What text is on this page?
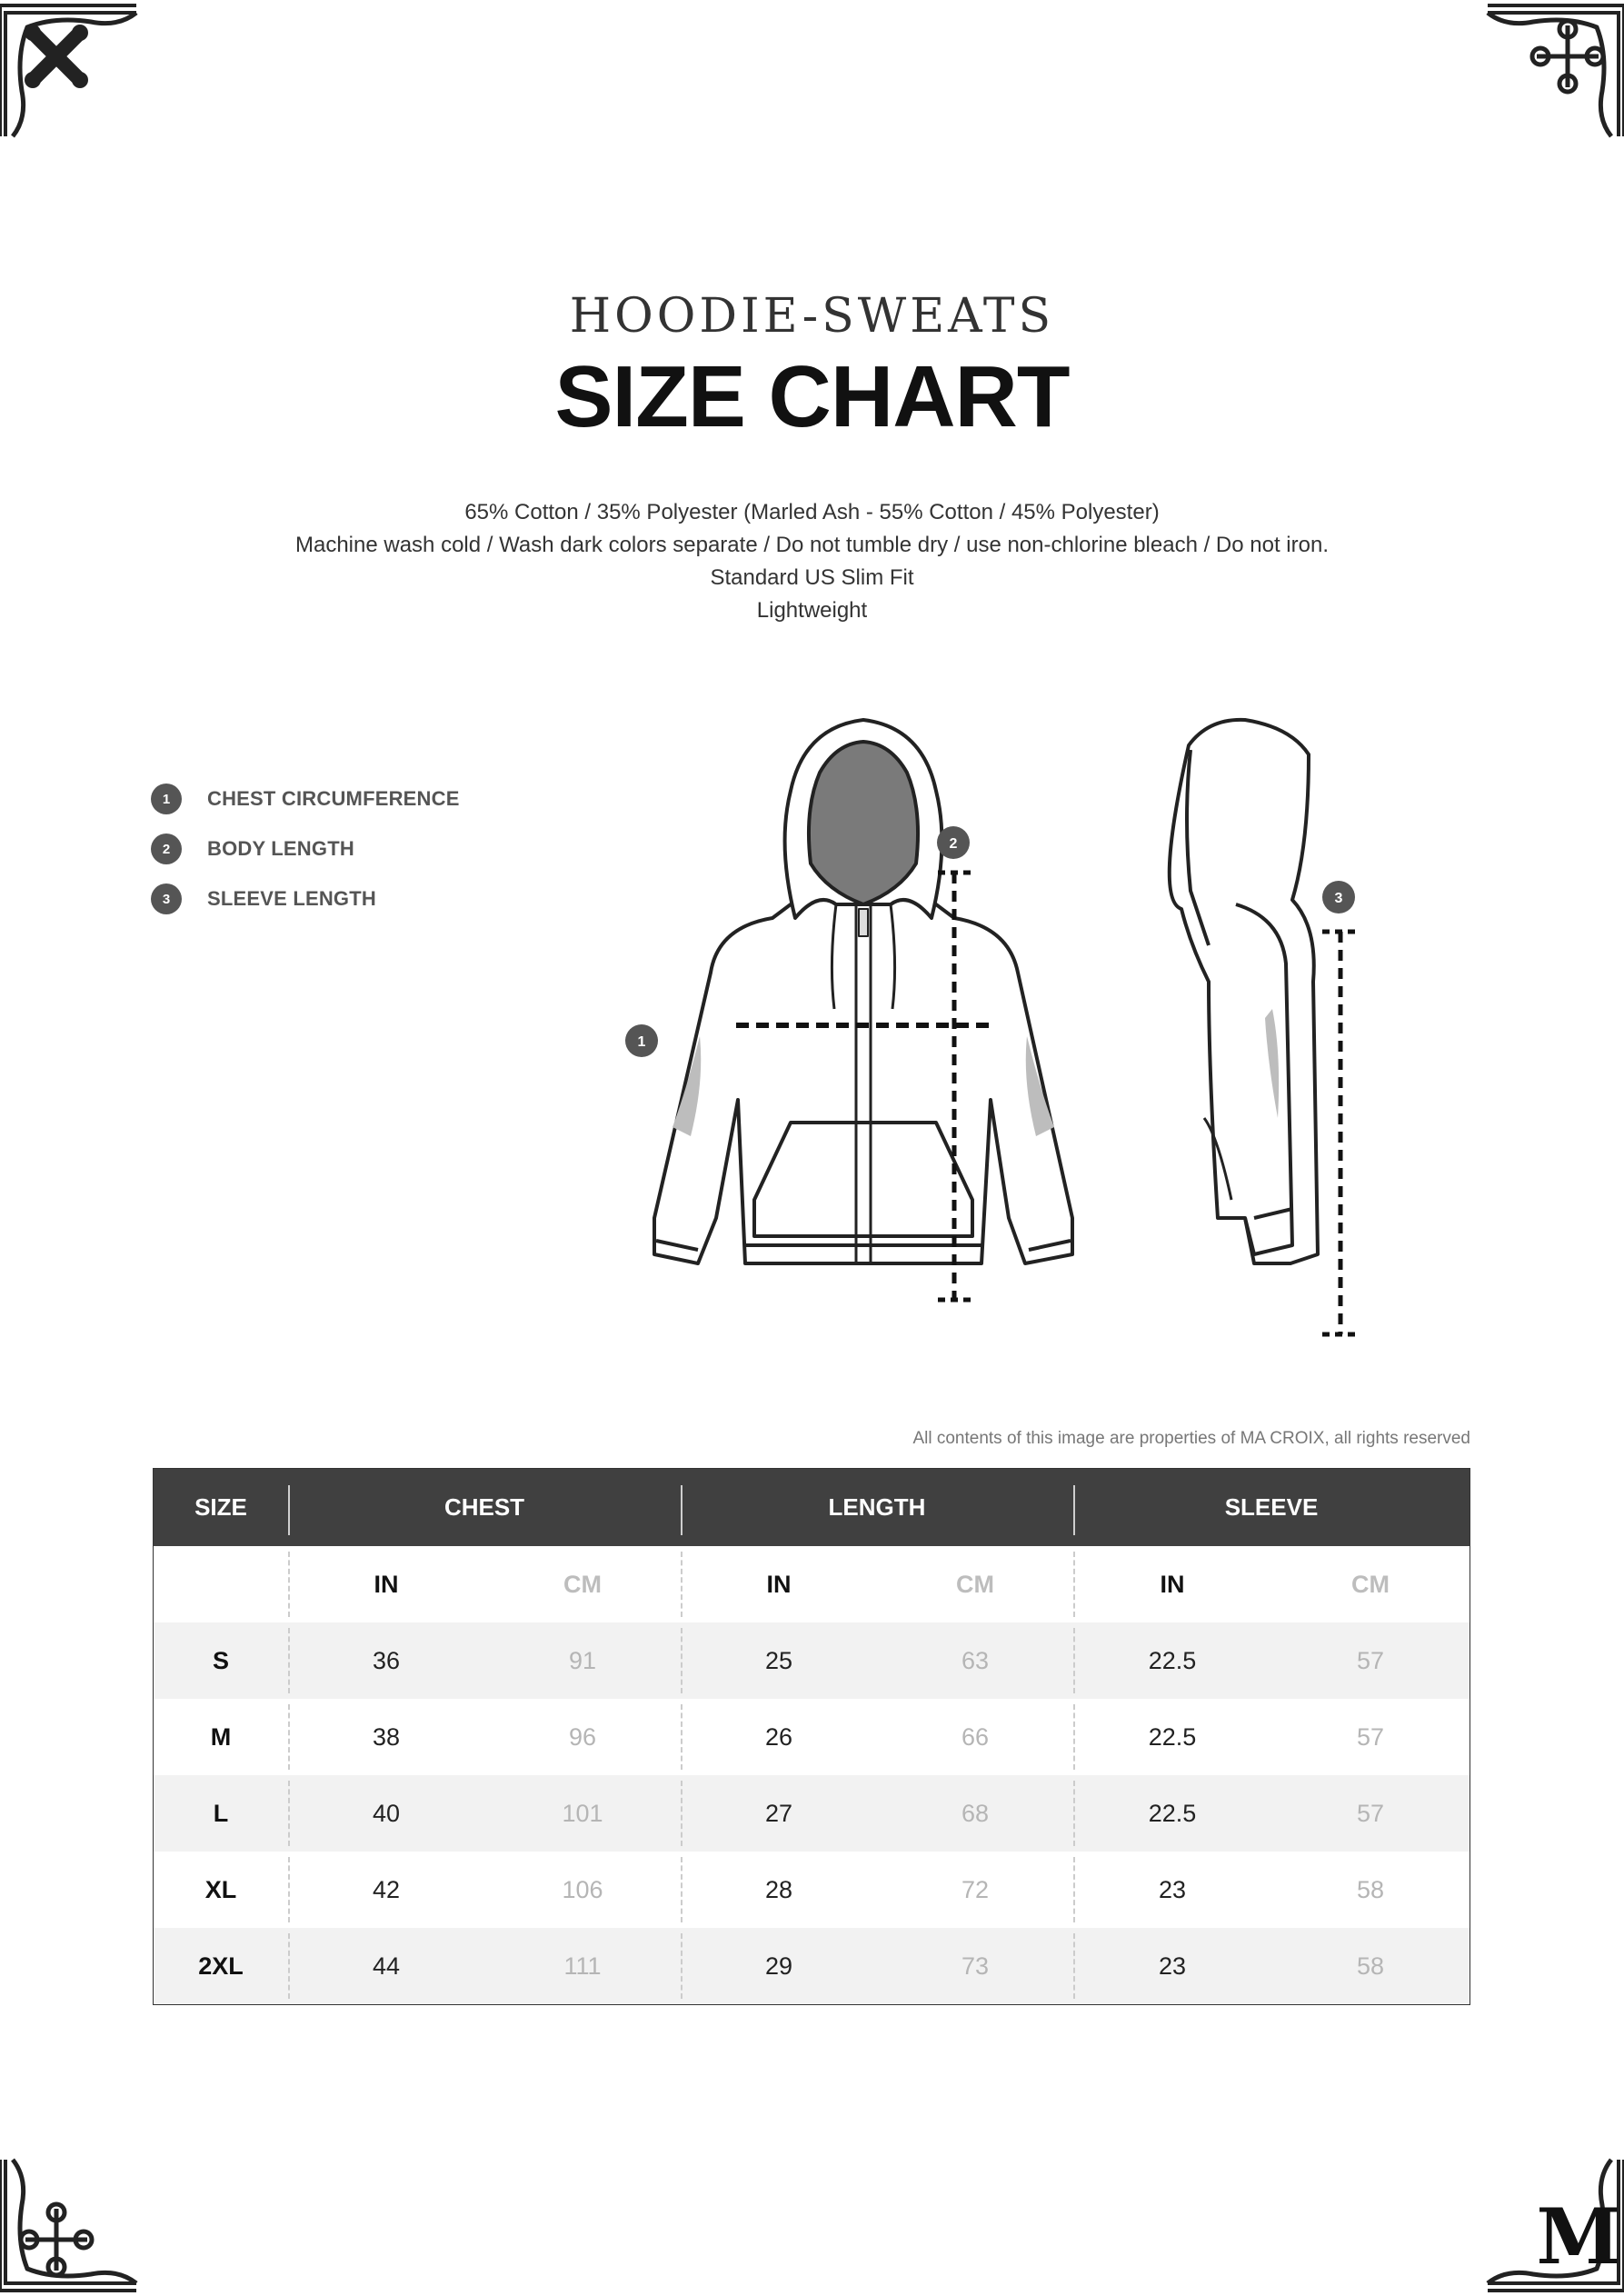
M
HOODIE-SWEATS
SIZE CHART
65% Cotton / 35% Polyester (Marled Ash - 55% Cotton / 45% Polyester)
Machine wash cold / Wash dark colors separate / Do not tumble dry / use non-chlorine bleach / Do not iron.
Standard US Slim Fit
Lightweight
1	CHEST CIRCUMFERENCE
2	BODY LENGTH
3	SLEEVE LENGTH
1
2
3
All contents of this image are properties of MA CROIX, all rights reserved
SIZE	CHEST	LENGTH	SLEEVE
IN	CM	IN	CM	IN	CM
S	36	91	25	63	22.5	57
M	38	96	26	66	22.5	57
L	40	101	27	68	22.5	57
XL	42	106	28	72	23	58
2XL	44	111	29	73	23	58
